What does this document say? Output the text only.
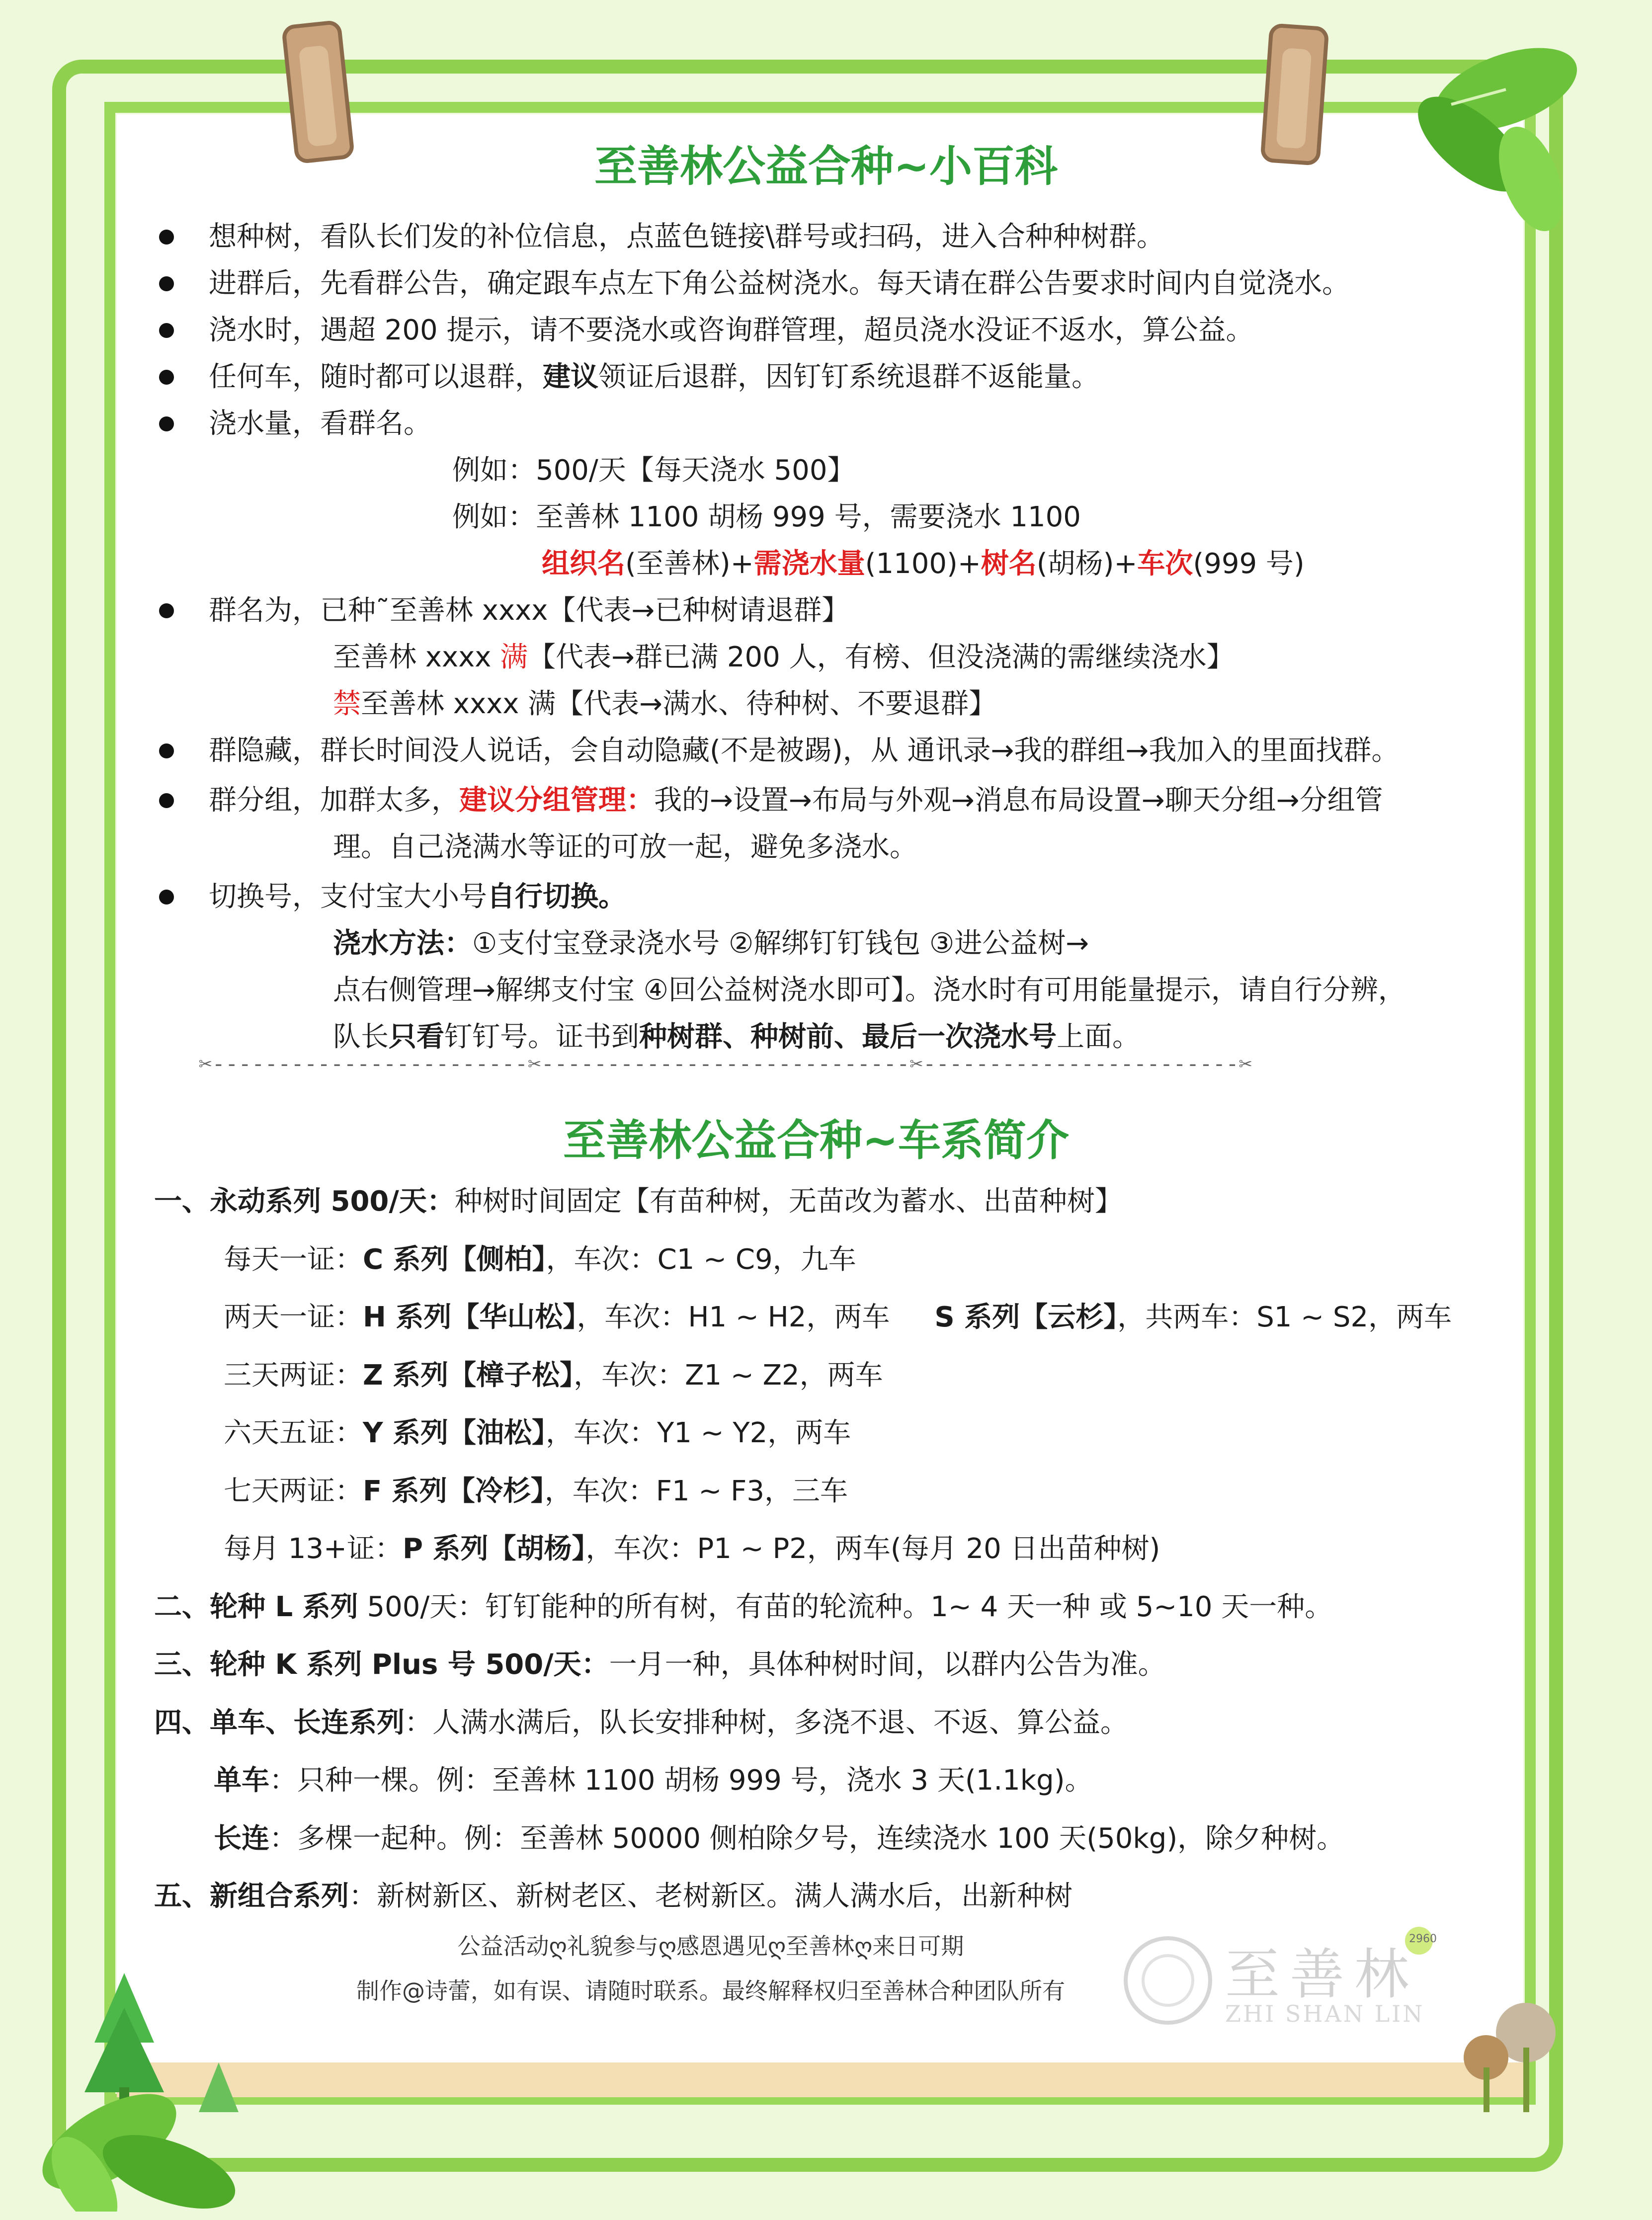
至善林公益合种~小百科
想种树，看队长们发的补位信息，点蓝色链接\群号或扫码，进入合种种树群。
进群后，先看群公告，确定跟车点左下角公益树浇水。每天请在群公告要求时间内自觉浇水。
浇水时，遇超 200 提示，请不要浇水或咨询群管理，超员浇水没证不返水，算公益。
任何车，随时都可以退群，建议领证后退群，因钉钉系统退群不返能量。
浇水量，看群名。
例如：500/天【每天浇水 500】
例如：至善林 1100 胡杨 999 号，需要浇水 1100
组织名(至善林)+需浇水量(1100)+树名(胡杨)+车次(999 号)
群名为，已种˜至善林 xxxx【代表→已种树请退群】
至善林 xxxx 满【代表→群已满 200 人，有榜、但没浇满的需继续浇水】
禁至善林 xxxx 满【代表→满水、待种树、不要退群】
群隐藏，群长时间没人说话，会自动隐藏(不是被踢)，从 通讯录→我的群组→我加入的里面找群。
群分组，加群太多，建议分组管理：我的→设置→布局与外观→消息布局设置→聊天分组→分组管
理。自己浇满水等证的可放一起，避免多浇水。
切换号，支付宝大小号自行切换。
浇水方法：①支付宝登录浇水号 ②解绑钉钉钱包 ③进公益树→
点右侧管理→解绑支付宝 ④回公益树浇水即可】。浇水时有可用能量提示，请自行分辨，
队长只看钉钉号。证书到种树群、种树前、最后一次浇水号上面。
✂------------------------✂----------------------------✂------------------------✂
至善林公益合种~车系简介
一、永动系列 500/天：种树时间固定【有苗种树，无苗改为蓄水、出苗种树】
每天一证：C 系列【侧柏】，车次：C1 ~ C9，九车
两天一证：H 系列【华山松】，车次：H1 ~ H2，两车 S 系列【云杉】，共两车：S1 ~ S2，两车
三天两证：Z 系列【樟子松】，车次：Z1 ~ Z2，两车
六天五证：Y 系列【油松】，车次：Y1 ~ Y2，两车
七天两证：F 系列【冷杉】，车次：F1 ~ F3，三车
每月 13+证：P 系列【胡杨】，车次：P1 ~ P2，两车(每月 20 日出苗种树)
二、轮种 L 系列 500/天：钉钉能种的所有树，有苗的轮流种。1~ 4 天一种 或 5~10 天一种。
三、轮种 K 系列 Plus 号 500/天：一月一种，具体种树时间，以群内公告为准。
四、单车、长连系列：人满水满后，队长安排种树，多浇不退、不返、算公益。
单车：只种一棵。例：至善林 1100 胡杨 999 号，浇水 3 天(1.1kg)。
长连：多棵一起种。例：至善林 50000 侧柏除夕号，连续浇水 100 天(50kg)，除夕种树。
五、新组合系列：新树新区、新树老区、老树新区。满人满水后，出新种树
公益活动ღ礼貌参与ღ感恩遇见ღ至善林ღ来日可期
制作@诗蕾，如有误、请随时联系。最终解释权归至善林合种团队所有	至善林
ZHI SHAN LIN
2960
